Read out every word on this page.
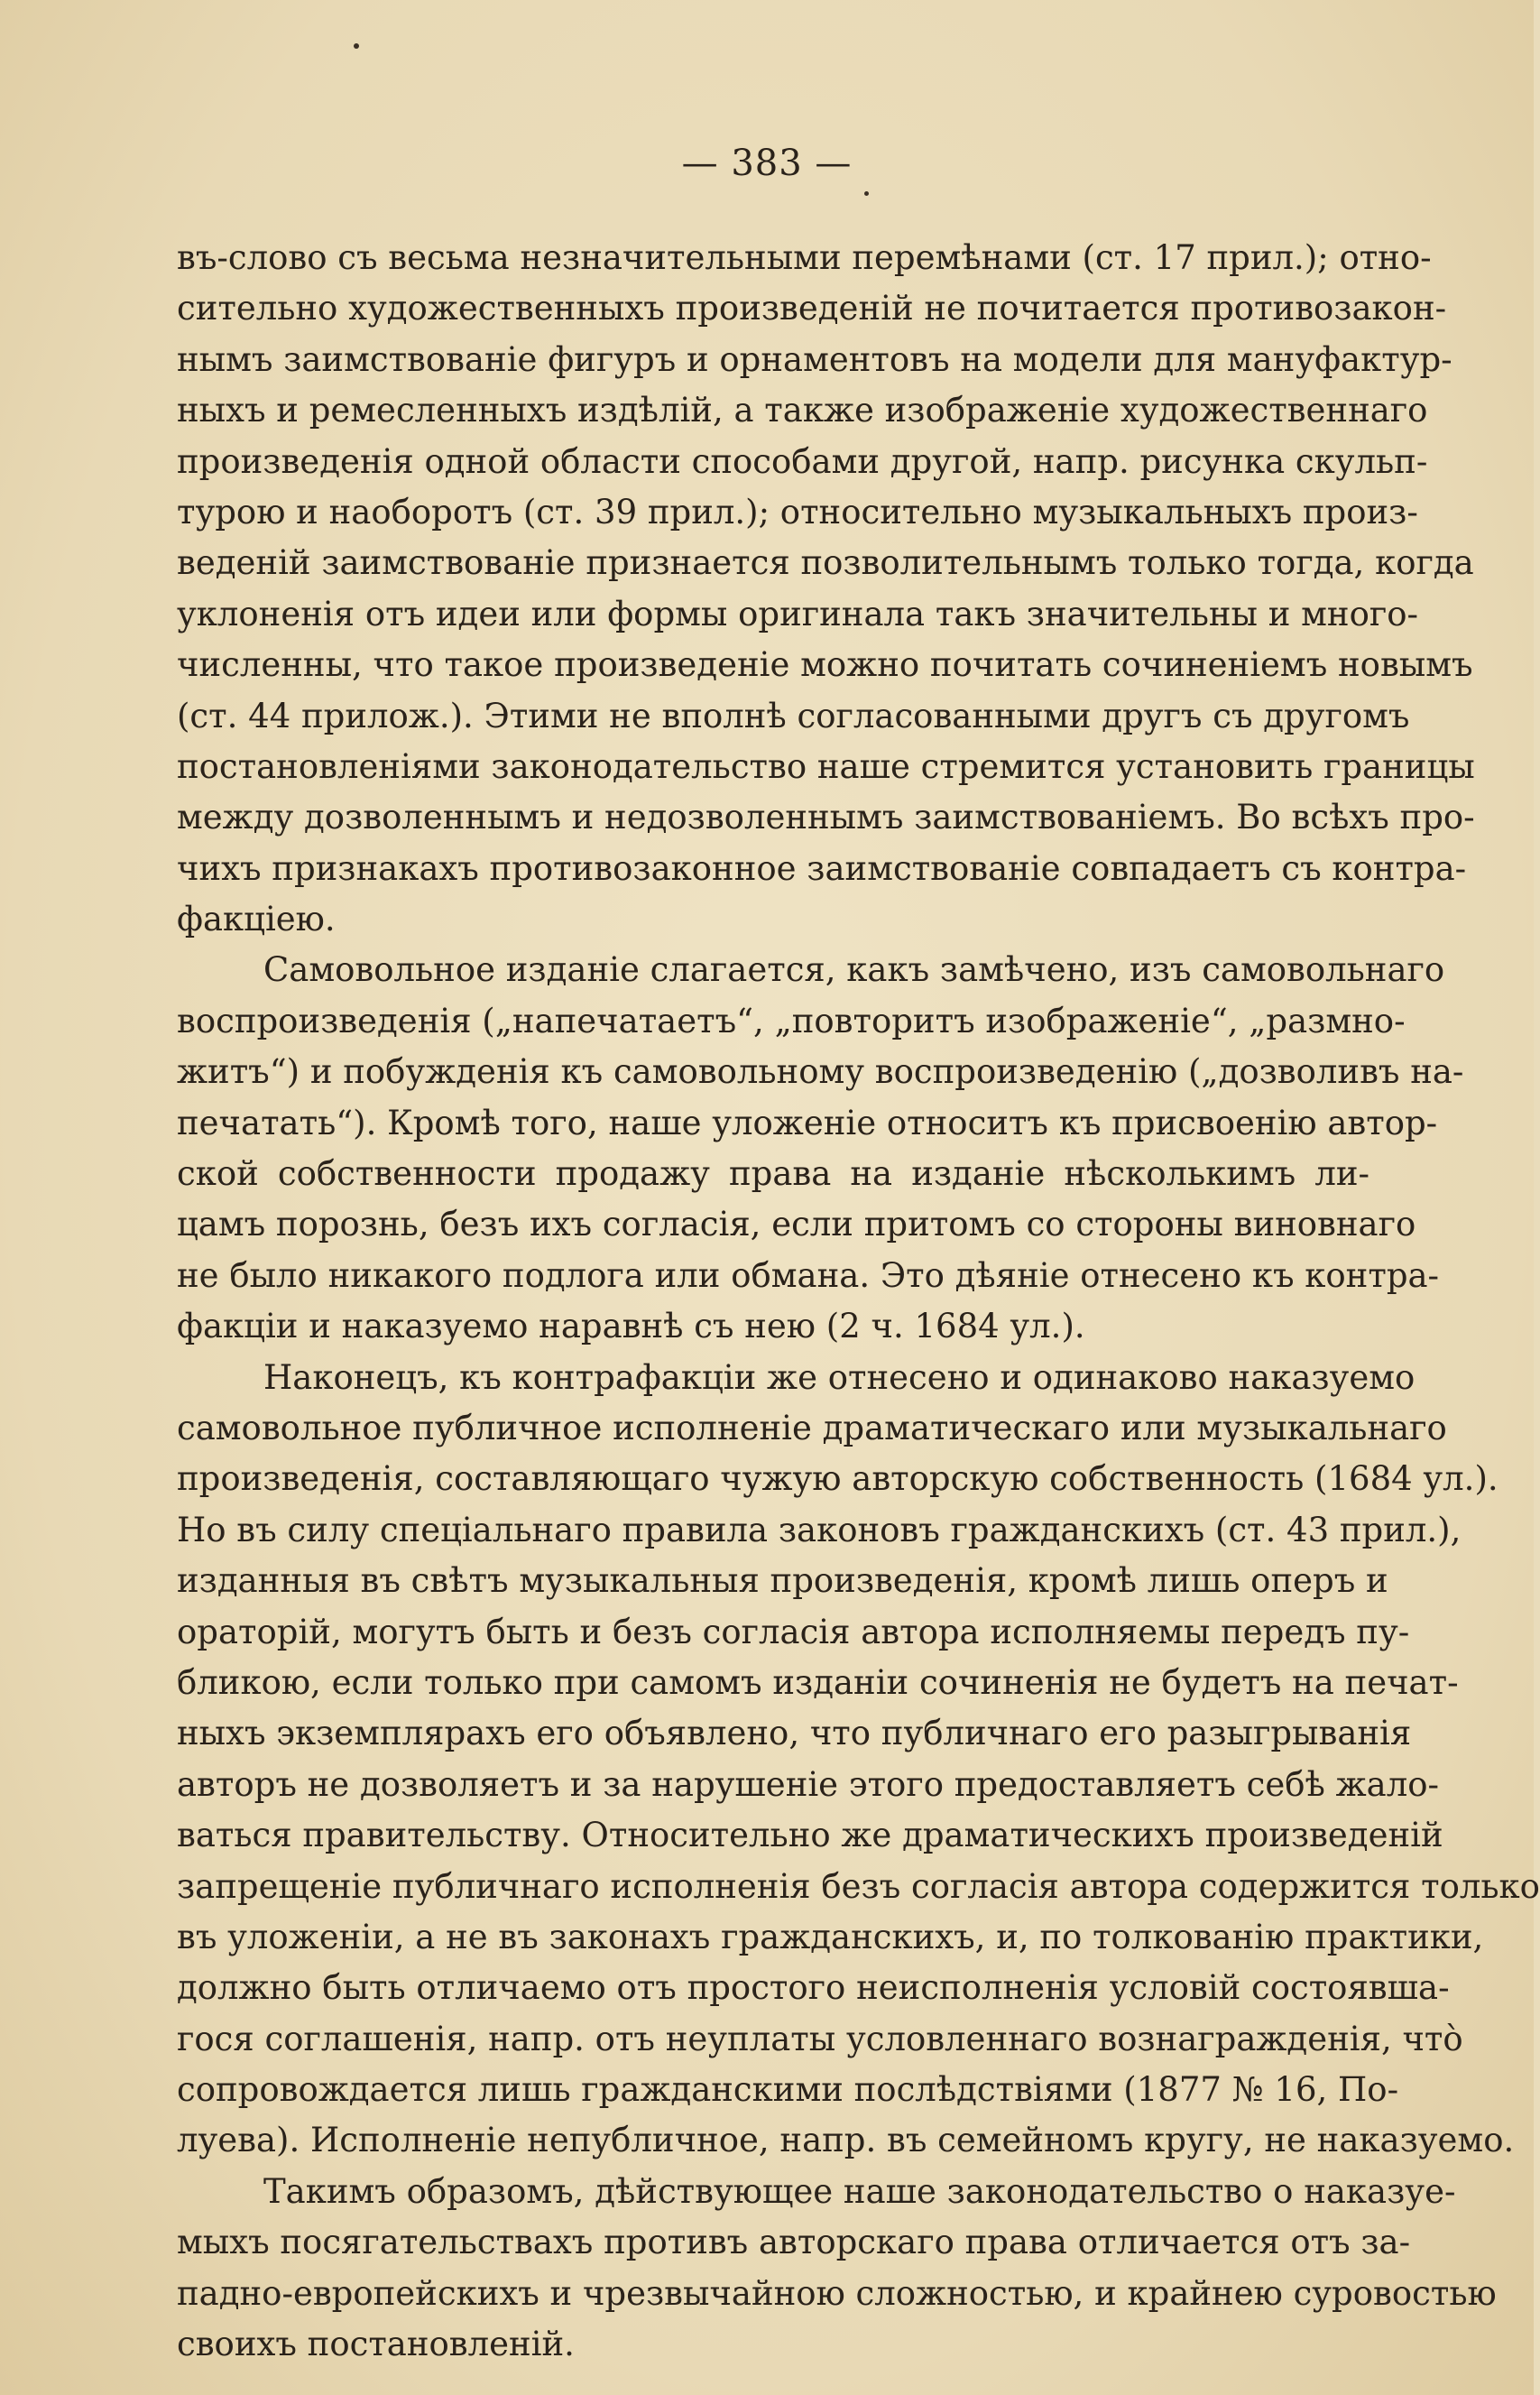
— 383 —
въ-слово съ весьма незначительными перемѣнами (ст. 17 прил.); отно-
сительно художественныхъ произведеній не почитается противозакон-
нымъ заимствованіе фигуръ и орнаментовъ на модели для мануфактур-
ныхъ и ремесленныхъ издѣлій, а также изображеніе художественнаго
произведенія одной области способами другой, напр. рисунка скульп-
турою и наоборотъ (ст. 39 прил.); относительно музыкальныхъ произ-
веденій заимствованіе признается позволительнымъ только тогда, когда
уклоненія отъ идеи или формы оригинала такъ значительны и много-
численны, что такое произведеніе можно почитать сочиненіемъ новымъ
(ст. 44 прилож.). Этими не вполнѣ согласованными другъ съ другомъ
постановленіями законодательство наше стремится установить границы
между дозволеннымъ и недозволеннымъ заимствованіемъ. Во всѣхъ про-
чихъ признакахъ противозаконное заимствованіе совпадаетъ съ контра-
факціею.
Самовольное изданіе слагается, какъ замѣчено, изъ самовольнаго
воспроизведенія („напечатаетъ“, „повторитъ изображеніе“, „размно-
житъ“) и побужденія къ самовольному воспроизведенію („дозволивъ на-
печатать“). Кромѣ того, наше уложеніе относитъ къ присвоенію автор-
ской собственности продажу права на изданіе нѣсколькимъ ли-
цамъ порознь, безъ ихъ согласія, если притомъ со стороны виновнаго
не было никакого подлога или обмана. Это дѣяніе отнесено къ контра-
факціи и наказуемо наравнѣ съ нею (2 ч. 1684 ул.).
Наконецъ, къ контрафакціи же отнесено и одинаково наказуемо
самовольное публичное исполненіе драматическаго или музыкальнаго
произведенія, составляющаго чужую авторскую собственность (1684 ул.).
Но въ силу спеціальнаго правила законовъ гражданскихъ (ст. 43 прил.),
изданныя въ свѣтъ музыкальныя произведенія, кромѣ лишь оперъ и
ораторій, могутъ быть и безъ согласія автора исполняемы передъ пу-
бликою, если только при самомъ изданіи сочиненія не будетъ на печат-
ныхъ экземплярахъ его объявлено, что публичнаго его разыгрыванія
авторъ не дозволяетъ и за нарушеніе этого предоставляетъ себѣ жало-
ваться правительству. Относительно же драматическихъ произведеній
запрещеніе публичнаго исполненія безъ согласія автора содержится только
въ уложеніи, а не въ законахъ гражданскихъ, и, по толкованію практики,
должно быть отличаемо отъ простого неисполненія условій состоявша-
гося соглашенія, напр. отъ неуплаты условленнаго вознагражденія, чтò
сопровождается лишь гражданскими послѣдствіями (1877 № 16, По-
луева). Исполненіе непубличное, напр. въ семейномъ кругу, не наказуемо.
Такимъ образомъ, дѣйствующее наше законодательство о наказуе-
мыхъ посягательствахъ противъ авторскаго права отличается отъ за-
падно-европейскихъ и чрезвычайною сложностью, и крайнею суровостью
своихъ постановленій.
